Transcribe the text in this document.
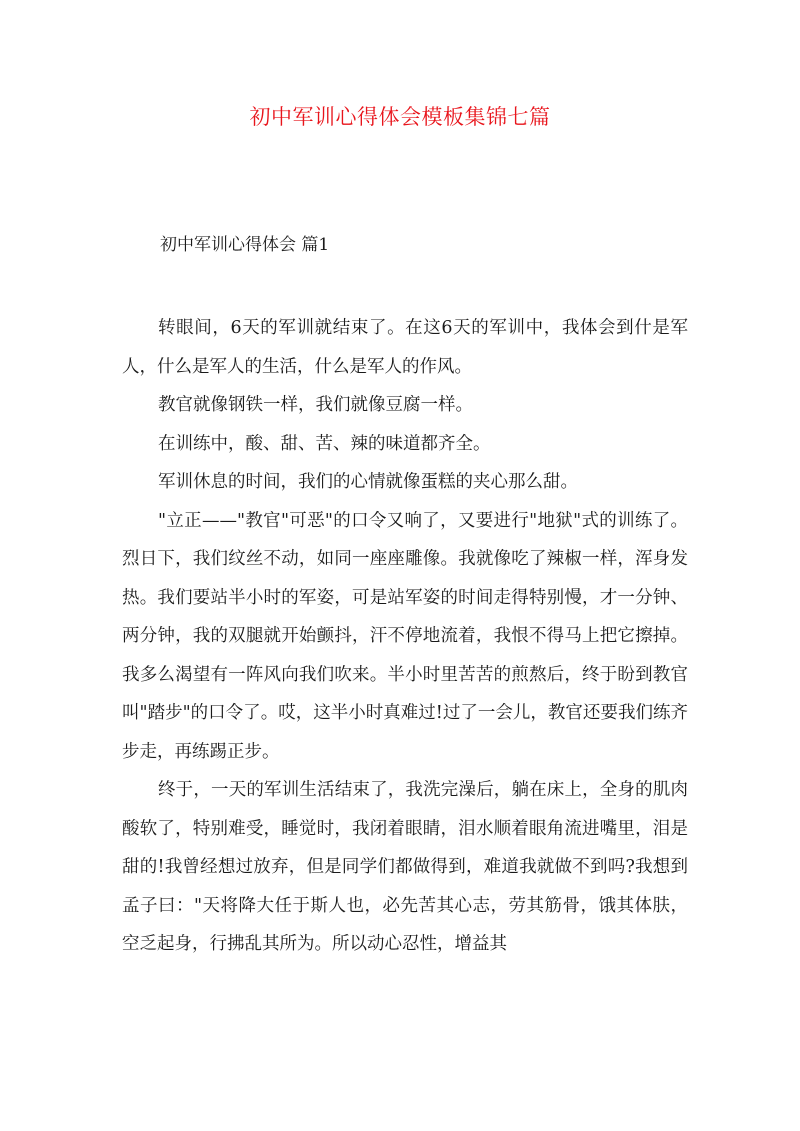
初中军训心得体会模板集锦七篇
初中军训心得体会 篇1

转眼间，6天的军训就结束了。在这6天的军训中，我体会到什是军人，什么是军人的生活，什么是军人的作风。

教官就像钢铁一样，我们就像豆腐一样。

在训练中，酸、甜、苦、辣的味道都齐全。

军训休息的时间，我们的心情就像蛋糕的夹心那么甜。

"立正——"教官"可恶"的口令又响了，又要进行"地狱"式的训练了。烈日下，我们纹丝不动，如同一座座雕像。我就像吃了辣椒一样，浑身发热。我们要站半小时的军姿，可是站军姿的时间走得特别慢，才一分钟、两分钟，我的双腿就开始颤抖，汗不停地流着，我恨不得马上把它擦掉。我多么渴望有一阵风向我们吹来。半小时里苦苦的煎熬后，终于盼到教官叫"踏步"的口令了。哎，这半小时真难过!过了一会儿，教官还要我们练齐步走，再练踢正步。

终于，一天的军训生活结束了，我洗完澡后，躺在床上，全身的肌肉酸软了，特别难受，睡觉时，我闭着眼睛，泪水顺着眼角流进嘴里，泪是甜的!我曾经想过放弃，但是同学们都做得到，难道我就做不到吗?我想到孟子曰："天将降大任于斯人也，必先苦其心志，劳其筋骨，饿其体肤，空乏起身，行拂乱其所为。所以动心忍性，增益其
